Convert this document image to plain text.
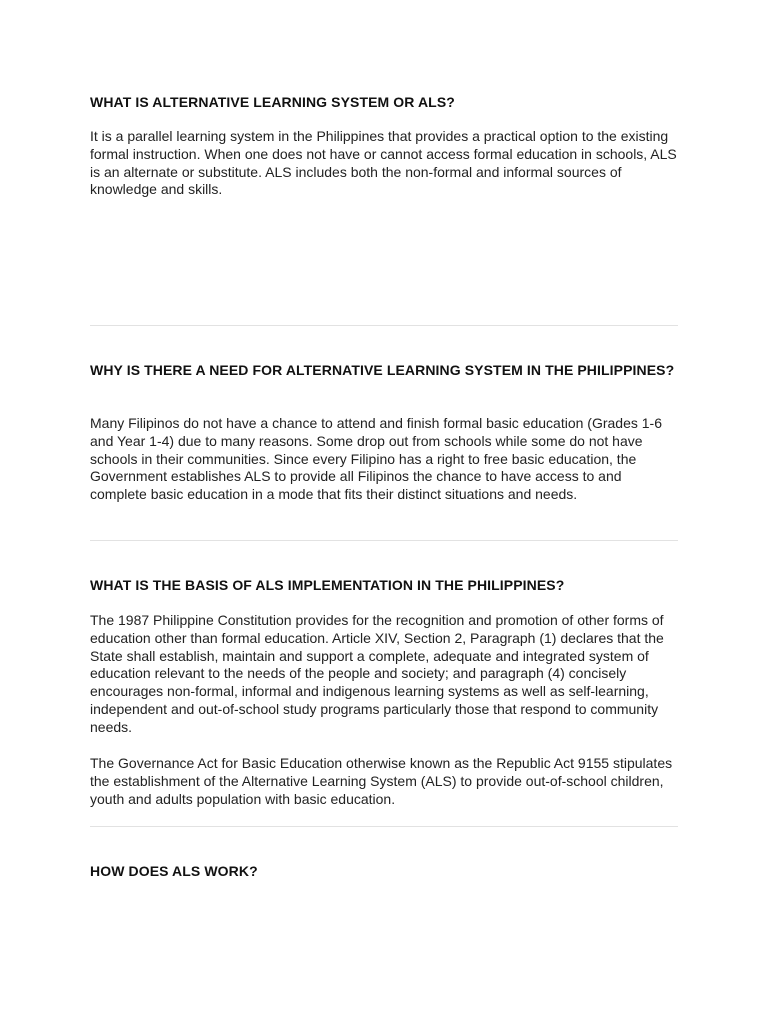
WHAT IS ALTERNATIVE LEARNING SYSTEM OR ALS?

It is a parallel learning system in the Philippines that provides a practical option to the existing formal instruction. When one does not have or cannot access formal education in schools, ALS is an alternate or substitute. ALS includes both the non-formal and informal sources of knowledge and skills.

WHY IS THERE A NEED FOR ALTERNATIVE LEARNING SYSTEM IN THE PHILIPPINES?

Many Filipinos do not have a chance to attend and finish formal basic education (Grades 1-6 and Year 1-4) due to many reasons. Some drop out from schools while some do not have schools in their communities. Since every Filipino has a right to free basic education, the Government establishes ALS to provide all Filipinos the chance to have access to and complete basic education in a mode that fits their distinct situations and needs.

WHAT IS THE BASIS OF ALS IMPLEMENTATION IN THE PHILIPPINES?

The 1987 Philippine Constitution provides for the recognition and promotion of other forms of education other than formal education. Article XIV, Section 2, Paragraph (1) declares that the State shall establish, maintain and support a complete, adequate and integrated system of education relevant to the needs of the people and society; and paragraph (4) concisely encourages non-formal, informal and indigenous learning systems as well as self-learning, independent and out-of-school study programs particularly those that respond to community needs.

The Governance Act for Basic Education otherwise known as the Republic Act 9155 stipulates the establishment of the Alternative Learning System (ALS) to provide out-of-school children, youth and adults population with basic education.

HOW DOES ALS WORK?
